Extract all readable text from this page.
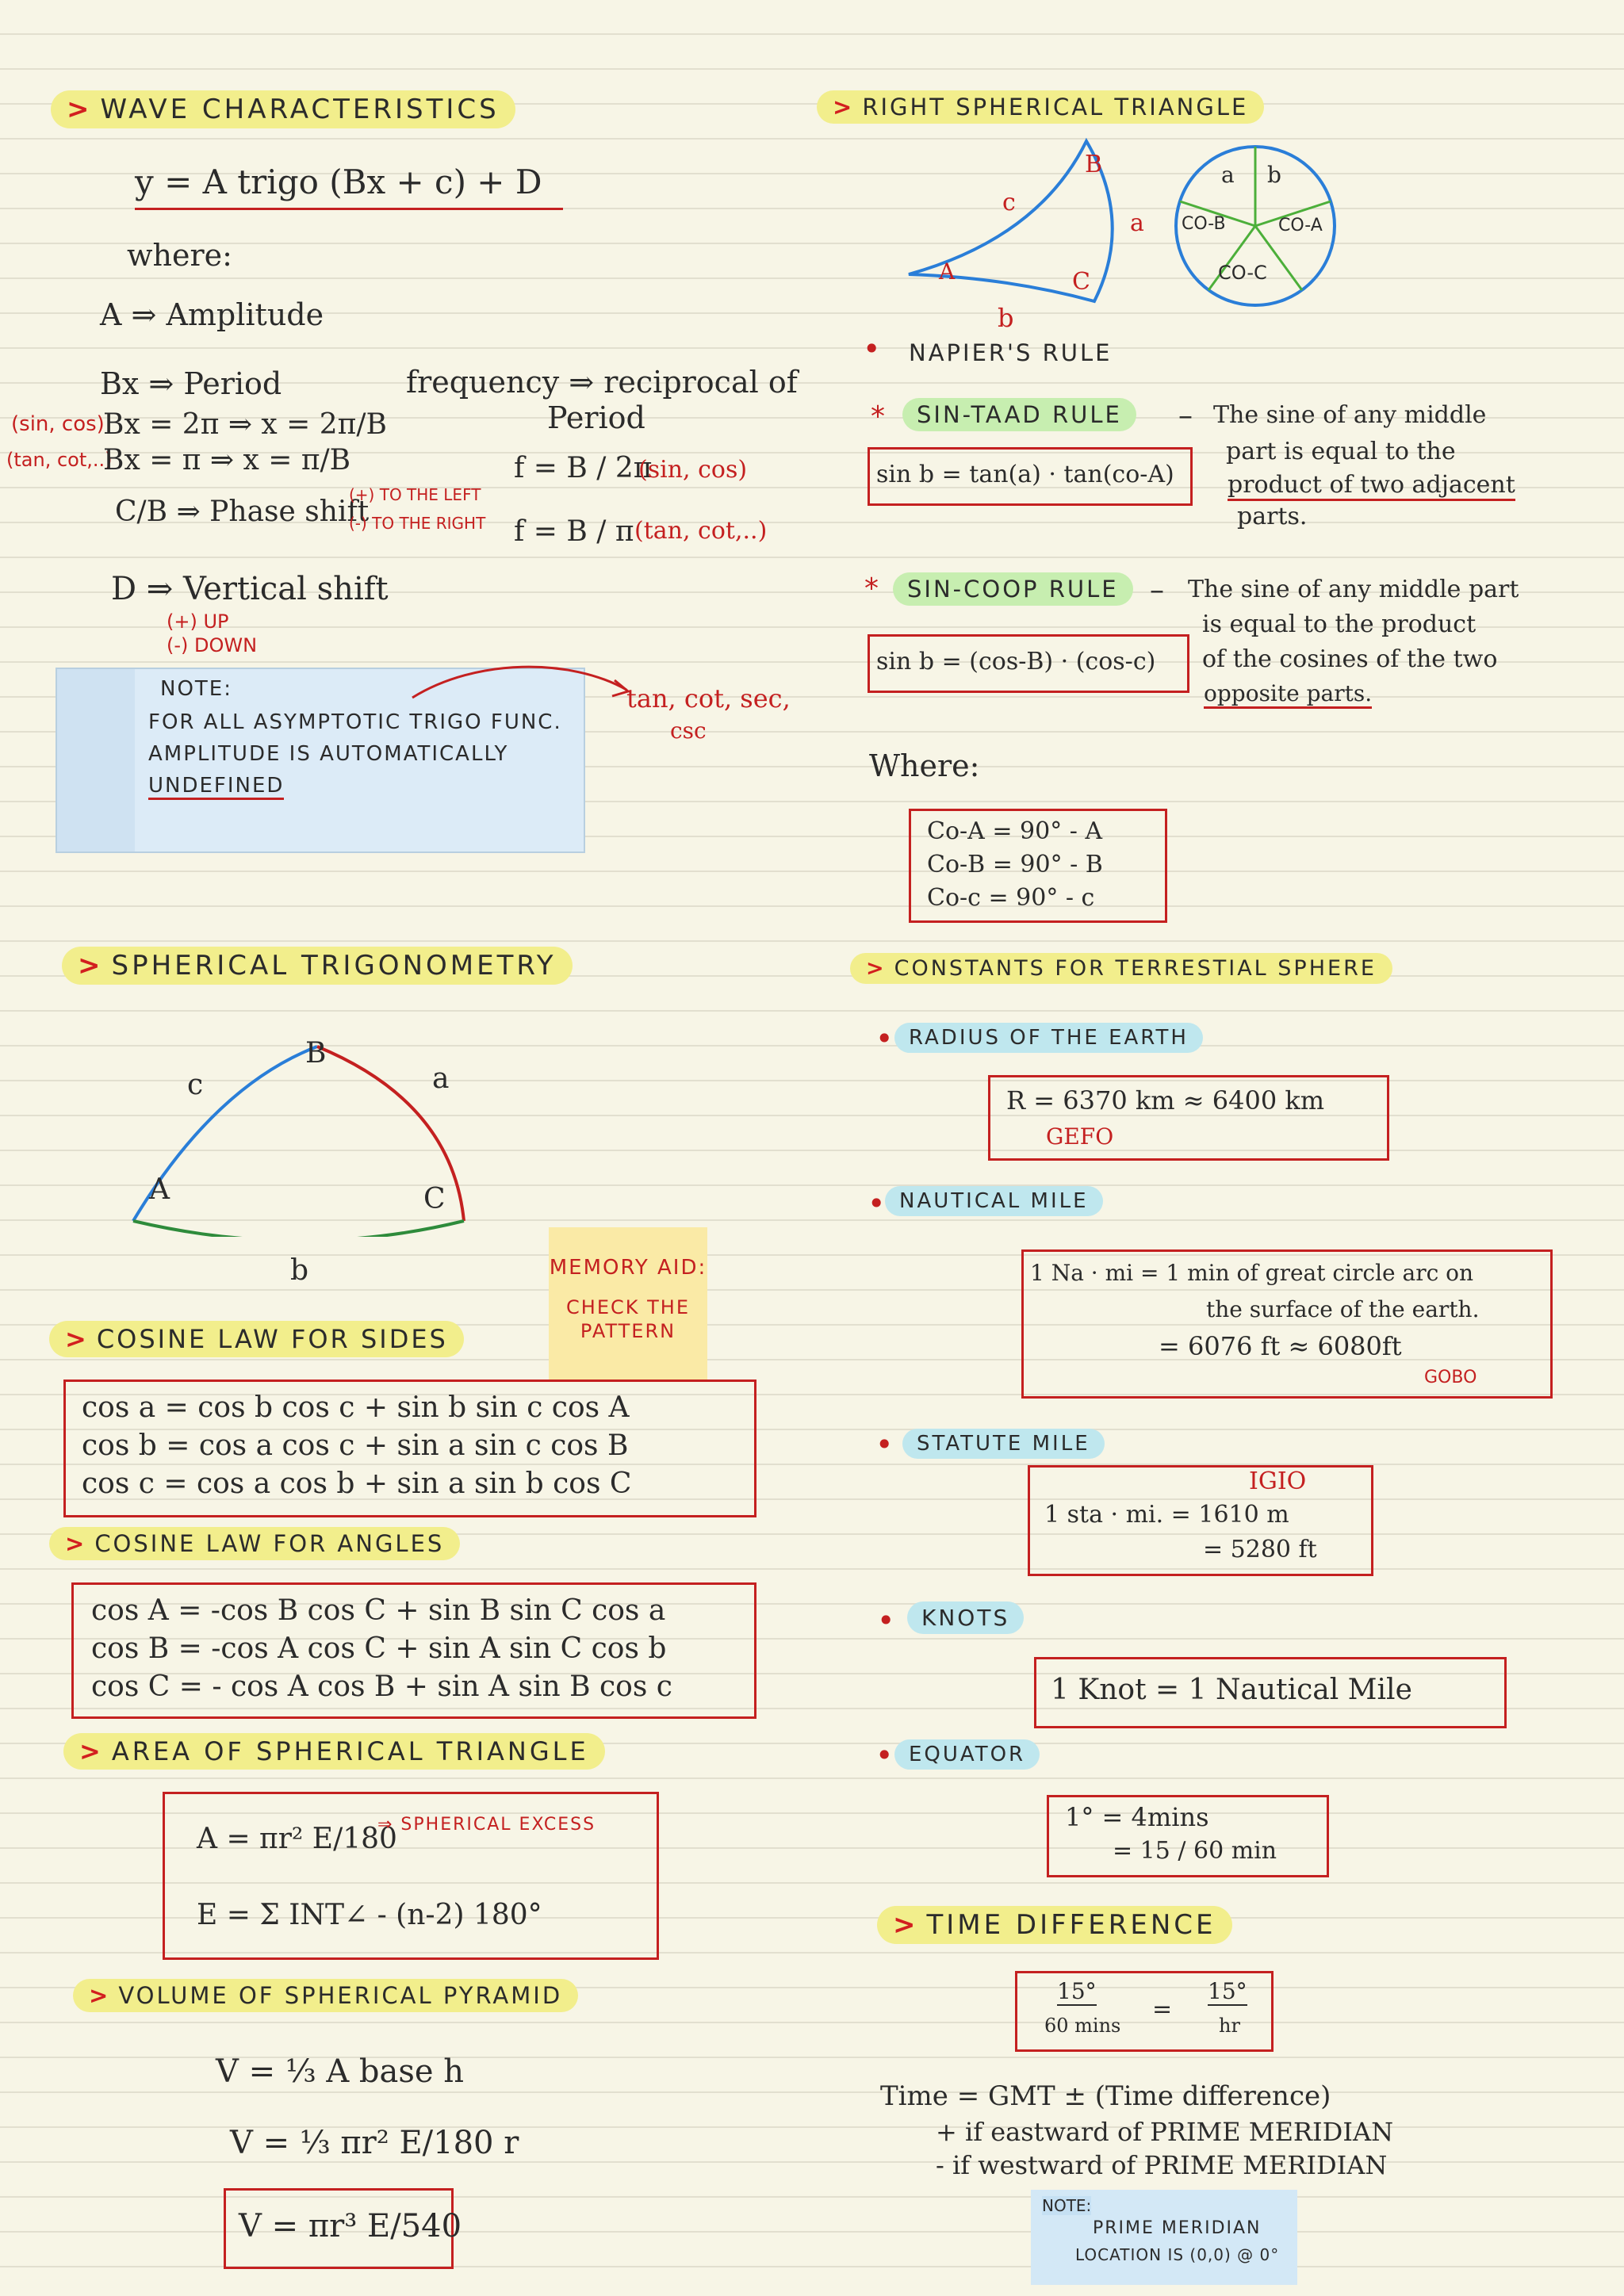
> WAVE CHARACTERISTICS
y = A trigo (Bx + c) + D
where:
A ⇒ Amplitude
Bx ⇒ Period	frequency ⇒ reciprocal of
Period
(sin, cos)
(tan, cot,..)
Bx = 2π ⇒ x = 2π/B
Bx = π ⇒ x = π/B	f = B / 2π
(sin, cos)
f = B / π (tan, cot,..)
C/B ⇒ Phase shift
(+) TO THE LEFT
(-) TO THE RIGHT
D ⇒ Vertical shift
(+) UP
(-) DOWN
NOTE:
FOR ALL ASYMPTOTIC TRIGO FUNC.
AMPLITUDE IS AUTOMATICALLY
UNDEFINED
tan, cot, sec,
csc
> SPHERICAL TRIGONOMETRY
B
a
c
A	C
b	MEMORY AID:
CHECK THE PATTERN
> COSINE LAW FOR SIDES
cos a = cos b cos c + sin b sin c cos A
cos b = cos a cos c + sin a sin c cos B
cos c = cos a cos b + sin a sin b cos C
> COSINE LAW FOR ANGLES
cos A = -cos B cos C + sin B sin C cos a
cos B = -cos A cos C + sin A sin C cos b
cos C = - cos A cos B + sin A sin B cos c
> AREA OF SPHERICAL TRIANGLE
A = πr² E/180
⇒ SPHERICAL EXCESS
E = Σ INT∠ - (n-2) 180°
> VOLUME OF SPHERICAL PYRAMID
V = ⅓ A base h
V = ⅓ πr² E/180 r
V = πr³ E/540
> RIGHT SPHERICAL TRIANGLE
B
c
a
A	C
b
a b
CO-B	CO-A
CO-C
• NAPIER'S RULE
*	SIN-TAAD RULE	– The sine of any middle
part is equal to the
product of two adjacent
parts.
sin b = tan(a) · tan(co-A)
*	SIN-COOP RULE	– The sine of any middle part
is equal to the product
of the cosines of the two
opposite parts.
sin b = (cos-B) · (cos-c)
Where:
Co-A = 90° - A
Co-B = 90° - B
Co-c = 90° - c
> CONSTANTS FOR TERRESTIAL SPHERE
• RADIUS OF THE EARTH
R = 6370 km ≈ 6400 km
GEFO
• NAUTICAL MILE
1 Na · mi = 1 min of great circle arc on
the surface of the earth.
= 6076 ft ≈ 6080ft
GOBO
•	STATUTE MILE
IGIO
1 sta · mi. = 1610 m
= 5280 ft
•	KNOTS
1 Knot = 1 Nautical Mile
• EQUATOR
1° = 4mins
= 15 / 60 min
> TIME DIFFERENCE
15°
60 mins
=
15°
hr
Time = GMT ± (Time difference)
+ if eastward of PRIME MERIDIAN
- if westward of PRIME MERIDIAN
NOTE:
PRIME MERIDIAN
LOCATION IS (0,0) @ 0°
